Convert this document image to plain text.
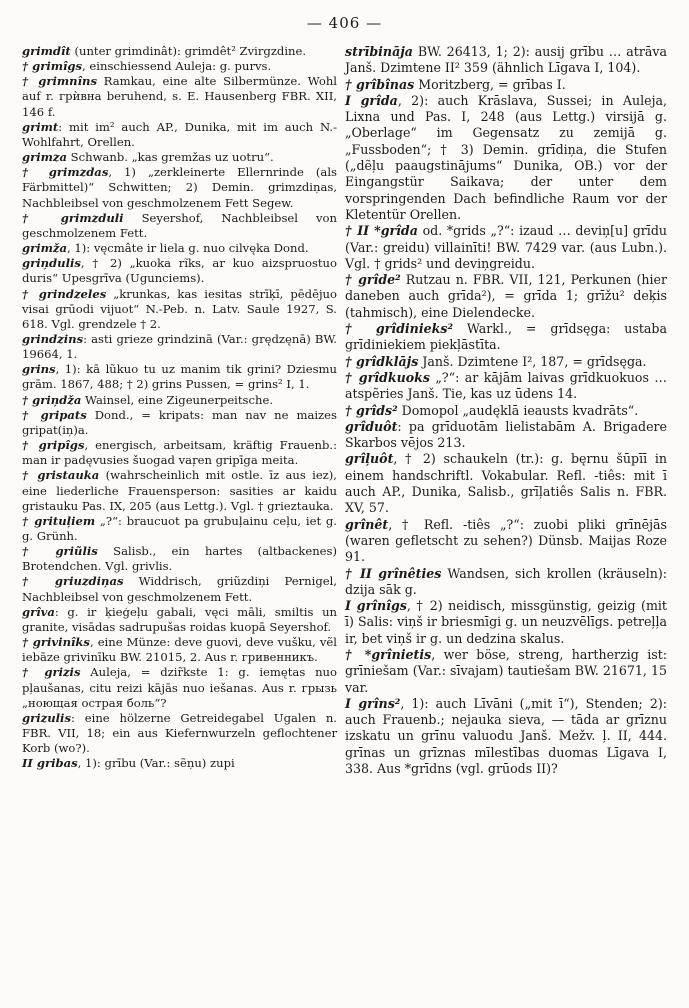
— 406 —

grimdît (unter grimdinât): grimdêt² Zvirgzdine.

† grimîgs, einschiessend Auleja: g. purvs.

† grimnîns Ramkau, eine alte Silbermünze. Wohl auf r. грѝвна beruhend, s. E. Hausenberg FBR. XII, 146 f.

grimt: mit im² auch AP., Dunika, mit im auch N.-Wohlfahrt, Orellen.

grimza Schwanb. „kas gremžas uz uotru“.

† grimzdas, 1) „zerkleinerte Ellernrinde (als Färbmittel)“ Schwitten; 2) Demin. grimzdiņas, Nachbleibsel von geschmolzenem Fett Segew.

† grimzduli Seyershof, Nachbleibsel von geschmolzenem Fett.

grimža, 1): vęcmâte ir liela g. nuo cilvęka Dond.

griņdulis, † 2) „kuoka rĩks, ar kuo aizspruostuo duris“ Upesgrīva (Ugunciems).

† grindzeles „krunkas, kas iesitas strīķī, pēdējuo visai grūodi vijuot“ N.-Peb. n. Latv. Saule 1927, S. 618. Vgl. grendzele † 2.

grindzins: asti grieze grindzinā (Var.: grędzęnā) BW. 19664, 1.

grins, 1): kā lũkuo tu uz manim tik grini? Dziesmu grām. 1867, 488; † 2) grins Pussen, = grins² I, 1.

† griņdža Wainsel, eine Zigeunerpeitsche.

† gripats Dond., = kripats: man nav ne maizes gripat(iņ)a.

† gripîgs, energisch, arbeitsam, kräftig Frauenb.: man ir padęvusies šuogad vaŗen gripīga meita.

† gristauka (wahrscheinlich mit ostle. īz aus iez), eine liederliche Frauensperson: sasities ar kaidu gristauku Pas. IX, 205 (aus Lettg.). Vgl. † grieztauka.

† grituļiem „?“: braucuot pa grubuļainu ceļu, iet g. g. Grünh.

† griũlis Salisb., ein hartes (altbackenes) Brotendchen. Vgl. grivlis.

† griuzdiņas Widdrisch, griũzdiņi Pernigel, Nachbleibsel von geschmolzenem Fett.

grîva: g. ir ķieģeļu gabali, vęci māli, smiltis un granite, visādas sadrupušas roidas kuopā Seyershof.

† grivinîks, eine Münze: deve guovi, deve vušku, vẽl iebāze grivinīku BW. 21015, 2. Aus r. гривенникъ.

† grizis Auleja, = dzir̃kste 1: g. iemętas nuo pļaušanas, citu reizi kājās nuo iešanas. Aus r. грызь „нοющая острая боль“?

grizulis: eine hölzerne Getreidegabel Ugalen n. FBR. VII, 18; ein aus Kiefernwurzeln geflochtener Korb (wo?).

II gribas, 1): grību (Var.: sẽņu) zupi

strībināja BW. 26413, 1; 2): ausij grību … atrāva Janš. Dzimtene II² 359 (ähnlich Līgava I, 104).

† grîbînas Moritzberg, = grības I.

I grîda, 2): auch Krāslava, Sussei; in Auleja, Lixna und Pas. I, 248 (aus Lettg.) virsijā g. „Oberlage“ im Gegensatz zu zemijā g. „Fussboden“; † 3) Demin. grīdiņa, die Stufen („dẽļu paaugstinājums“ Dunika, OB.) vor der Eingangstür Saikava; der unter dem vorspringenden Dach befindliche Raum vor der Kletentür Orellen.

† II *grîda od. *grids „?“: izaud … deviņ[u] grīdu (Var.: greidu) villainīti! BW. 7429 var. (aus Lubn.). Vgl. † grids² und deviņgreidu.

† grîde² Rutzau n. FBR. VII, 121, Perkunen (hier daneben auch grīda²), = grīda 1; grīžu² deķis (tahmisch), eine Dielendecke.

† grîdinieks² Warkl., = grīdsęga: ustaba grīdiniekiem piekļāstīta.

† grîdklājs Janš. Dzimtene I², 187, = grīdsęga.

† grîdkuoks „?“: ar kājām laivas grīdkuokuos … atspẽries Janš. Tie, kas uz ūdens 14.

† grîds² Domopol „audęklā ieausts kvadrāts“.

grîduôt: pa grīduotām lielistabām A. Brigadere Skarbos vējos 213.

grîļuôt, † 2) schaukeln (tr.): g. bęrnu šūpīī in einem handschriftl. Vokabular. Refl. -tiês: mit ī auch AP., Dunika, Salisb., grīļatiês Salis n. FBR. XV, 57.

grînêt, † Refl. -tiês „?“: zuobi pliki grīnējās (waren gefletscht zu sehen?) Dünsb. Maijas Roze 91.

† II grînêties Wandsen, sich krollen (kräuseln): dzija sāk g.

I grînîgs, † 2) neidisch, missgünstig, geizig (mit ī) Salis: viņš ir briesmīgi g. un neuzvēlīgs. petreļļa ir, bet viņš ir g. un dedzina skalus.

† *grînietis, wer böse, streng, hartherzig ist: grīniešam (Var.: sīvajam) tautiešam BW. 21671, 15 var.

I grîns², 1): auch Līvāni („mit ī“), Stenden; 2): auch Frauenb.; nejauka sieva, — tāda ar grīznu izskatu un grīnu valuodu Janš. Mežv. ļ. II, 444. grīnas un grīznas mīlestības duomas Līgava I, 338. Aus *grīdns (vgl. grūods II)?
